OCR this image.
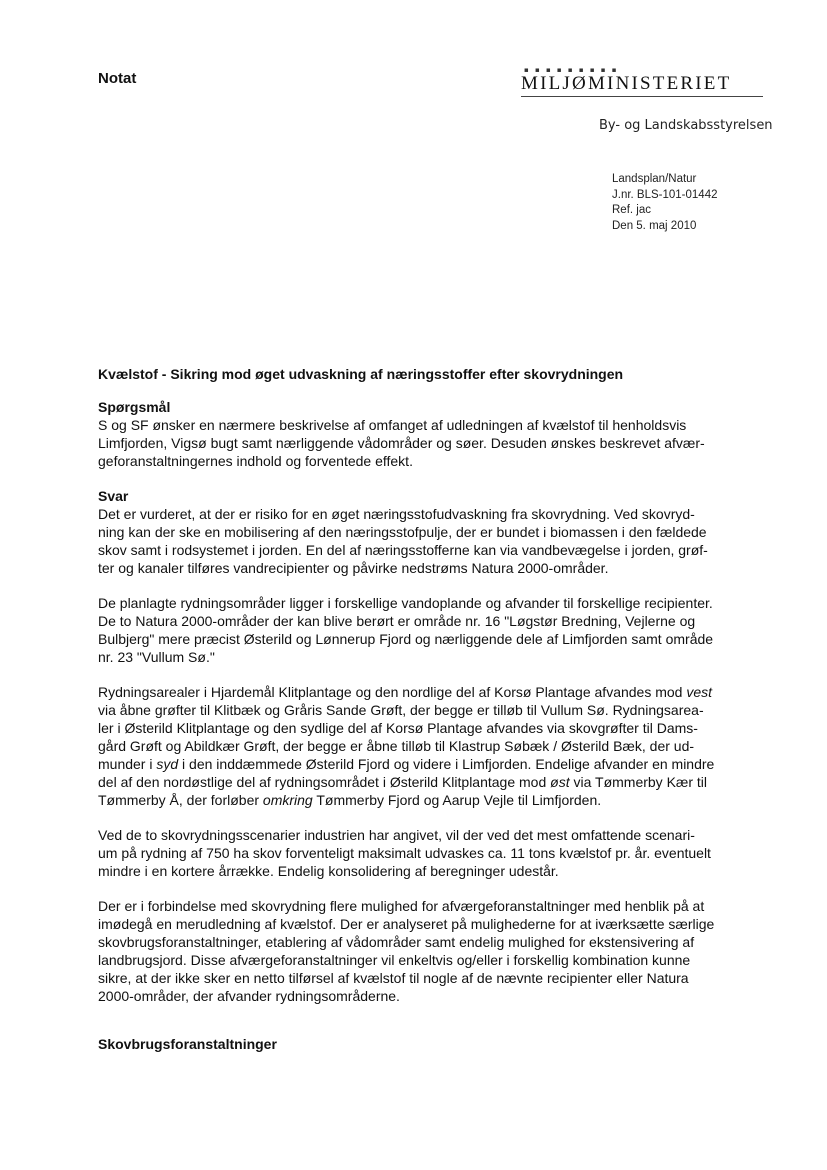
Notat	▪ ▪ ▪ ▪ ▪ ▪ ▪ ▪ ▪
MILJØMINISTERIET
By- og Landskabsstyrelsen
Landsplan/Natur
J.nr. BLS-101-01442
Ref. jac
Den 5. maj 2010
Kvælstof - Sikring mod øget udvaskning af næringsstoffer efter skovrydningen
Spørgsmål

S og SF ønsker en nærmere beskrivelse af omfanget af udledningen af kvælstof til henholdsvis
Limfjorden, Vigsø bugt samt nærliggende vådområder og søer. Desuden ønskes beskrevet afvær-
geforanstaltningernes indhold og forventede effekt.

Svar

Det er vurderet, at der er risiko for en øget næringsstofudvaskning fra skovrydning. Ved skovryd-
ning kan der ske en mobilisering af den næringsstofpulje, der er bundet i biomassen i den fældede
skov samt i rodsystemet i jorden. En del af næringsstofferne kan via vandbevægelse i jorden, grøf-
ter og kanaler tilføres vandrecipienter og påvirke nedstrøms Natura 2000-områder.

De planlagte rydningsområder ligger i forskellige vandoplande og afvander til forskellige recipienter.
De to Natura 2000-områder der kan blive berørt er område nr. 16 "Løgstør Bredning, Vejlerne og
Bulbjerg" mere præcist Østerild og Lønnerup Fjord og nærliggende dele af Limfjorden samt område
nr. 23 "Vullum Sø."

Rydningsarealer i Hjardemål Klitplantage og den nordlige del af Korsø Plantage afvandes mod vest
via åbne grøfter til Klitbæk og Gråris Sande Grøft, der begge er tilløb til Vullum Sø. Rydningsarea-
ler i Østerild Klitplantage og den sydlige del af Korsø Plantage afvandes via skovgrøfter til Dams-
gård Grøft og Abildkær Grøft, der begge er åbne tilløb til Klastrup Søbæk / Østerild Bæk, der ud-
munder i syd i den inddæmmede Østerild Fjord og videre i Limfjorden. Endelige afvander en mindre
del af den nordøstlige del af rydningsområdet i Østerild Klitplantage mod øst via Tømmerby Kær til
Tømmerby Å, der forløber omkring Tømmerby Fjord og Aarup Vejle til Limfjorden.

Ved de to skovrydningsscenarier industrien har angivet, vil der ved det mest omfattende scenari-
um på rydning af 750 ha skov forventeligt maksimalt udvaskes ca. 11 tons kvælstof pr. år. eventuelt
mindre i en kortere årrække. Endelig konsolidering af beregninger udestår.

Der er i forbindelse med skovrydning flere mulighed for afværgeforanstaltninger med henblik på at
imødegå en merudledning af kvælstof. Der er analyseret på mulighederne for at iværksætte særlige
skovbrugsforanstaltninger, etablering af vådområder samt endelig mulighed for ekstensivering af
landbrugsjord. Disse afværgeforanstaltninger vil enkeltvis og/eller i forskellig kombination kunne
sikre, at der ikke sker en netto tilførsel af kvælstof til nogle af de nævnte recipienter eller Natura
2000-områder, der afvander rydningsområderne.

Skovbrugsforanstaltninger
